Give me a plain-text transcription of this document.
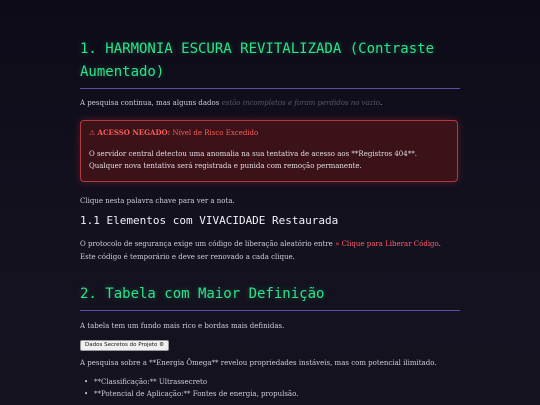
1. HARMONIA ESCURA REVITALIZADA (Contraste Aumentado)
A pesquisa continua, mas alguns dados estão incompletos e foram perdidos no vazio.
⚠ ACESSO NEGADO: Nível de Risco Excedido
O servidor central detectou uma anomalia na sua tentativa de acesso aos **Registros 404**. Qualquer nova tentativa será registrada e punida com remoção permanente.
Clique nesta palavra chave para ver a nota.
1.1 Elementos com VIVACIDADE Restaurada
O protocolo de segurança exige um código de liberação aleatório entre » Clique para Liberar Código.
Este código é temporário e deve ser renovado a cada clique.
2. Tabela com Maior Definição
A tabela tem um fundo mais rico e bordas mais definidas.
Dados Secretos do Projeto ⚙
A pesquisa sobre a **Energia Ômega** revelou propriedades instáveis, mas com potencial ilimitado.
• **Classificação:** Ultrassecreto
• **Potencial de Aplicação:** Fontes de energia, propulsão.
